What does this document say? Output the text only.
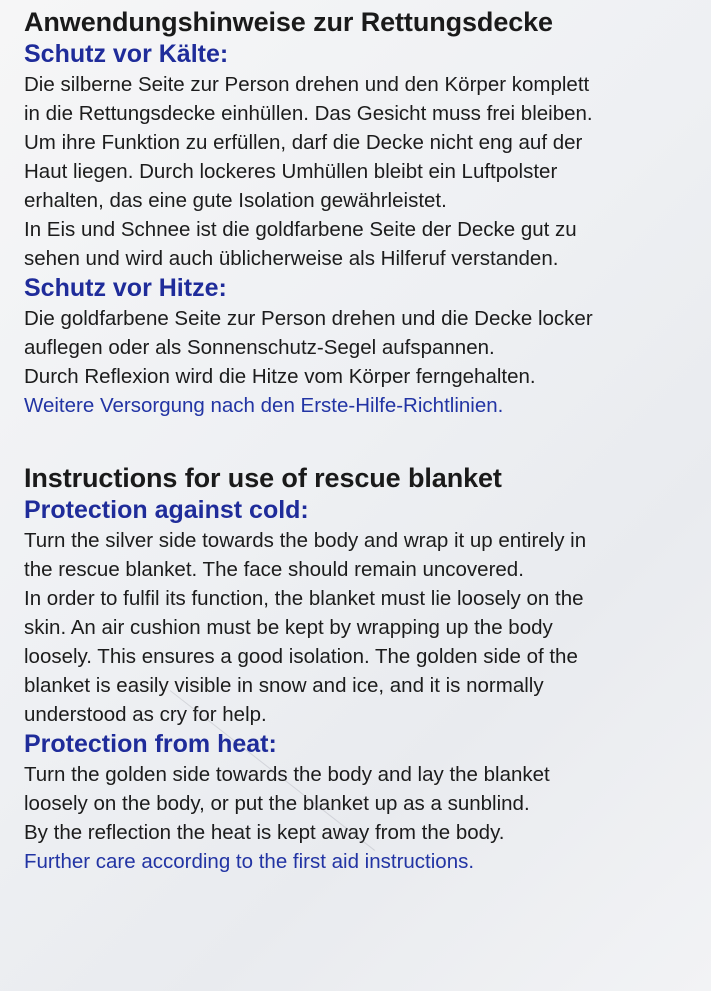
Anwendungshinweise zur Rettungsdecke
Schutz vor Kälte:

Die silberne Seite zur Person drehen und den Körper komplett

in die Rettungsdecke einhüllen. Das Gesicht muss frei bleiben.

Um ihre Funktion zu erfüllen, darf die Decke nicht eng auf der

Haut liegen. Durch lockeres Umhüllen bleibt ein Luftpolster

erhalten, das eine gute Isolation gewährleistet.

In Eis und Schnee ist die goldfarbene Seite der Decke gut zu

sehen und wird auch üblicherweise als Hilferuf verstanden.

Schutz vor Hitze:

Die goldfarbene Seite zur Person drehen und die Decke locker

auflegen oder als Sonnenschutz-Segel aufspannen.

Durch Reflexion wird die Hitze vom Körper ferngehalten.

Weitere Versorgung nach den Erste-Hilfe-Richtlinien.

Instructions for use of rescue blanket
Protection against cold:

Turn the silver side towards the body and wrap it up entirely in

the rescue blanket. The face should remain uncovered.

In order to fulfil its function, the blanket must lie loosely on the

skin. An air cushion must be kept by wrapping up the body

loosely. This ensures a good isolation. The golden side of the

blanket is easily visible in snow and ice, and it is normally

understood as cry for help.

Protection from heat:

Turn the golden side towards the body and lay the blanket

loosely on the body, or put the blanket up as a sunblind.

By the reflection the heat is kept away from the body.

Further care according to the first aid instructions.
